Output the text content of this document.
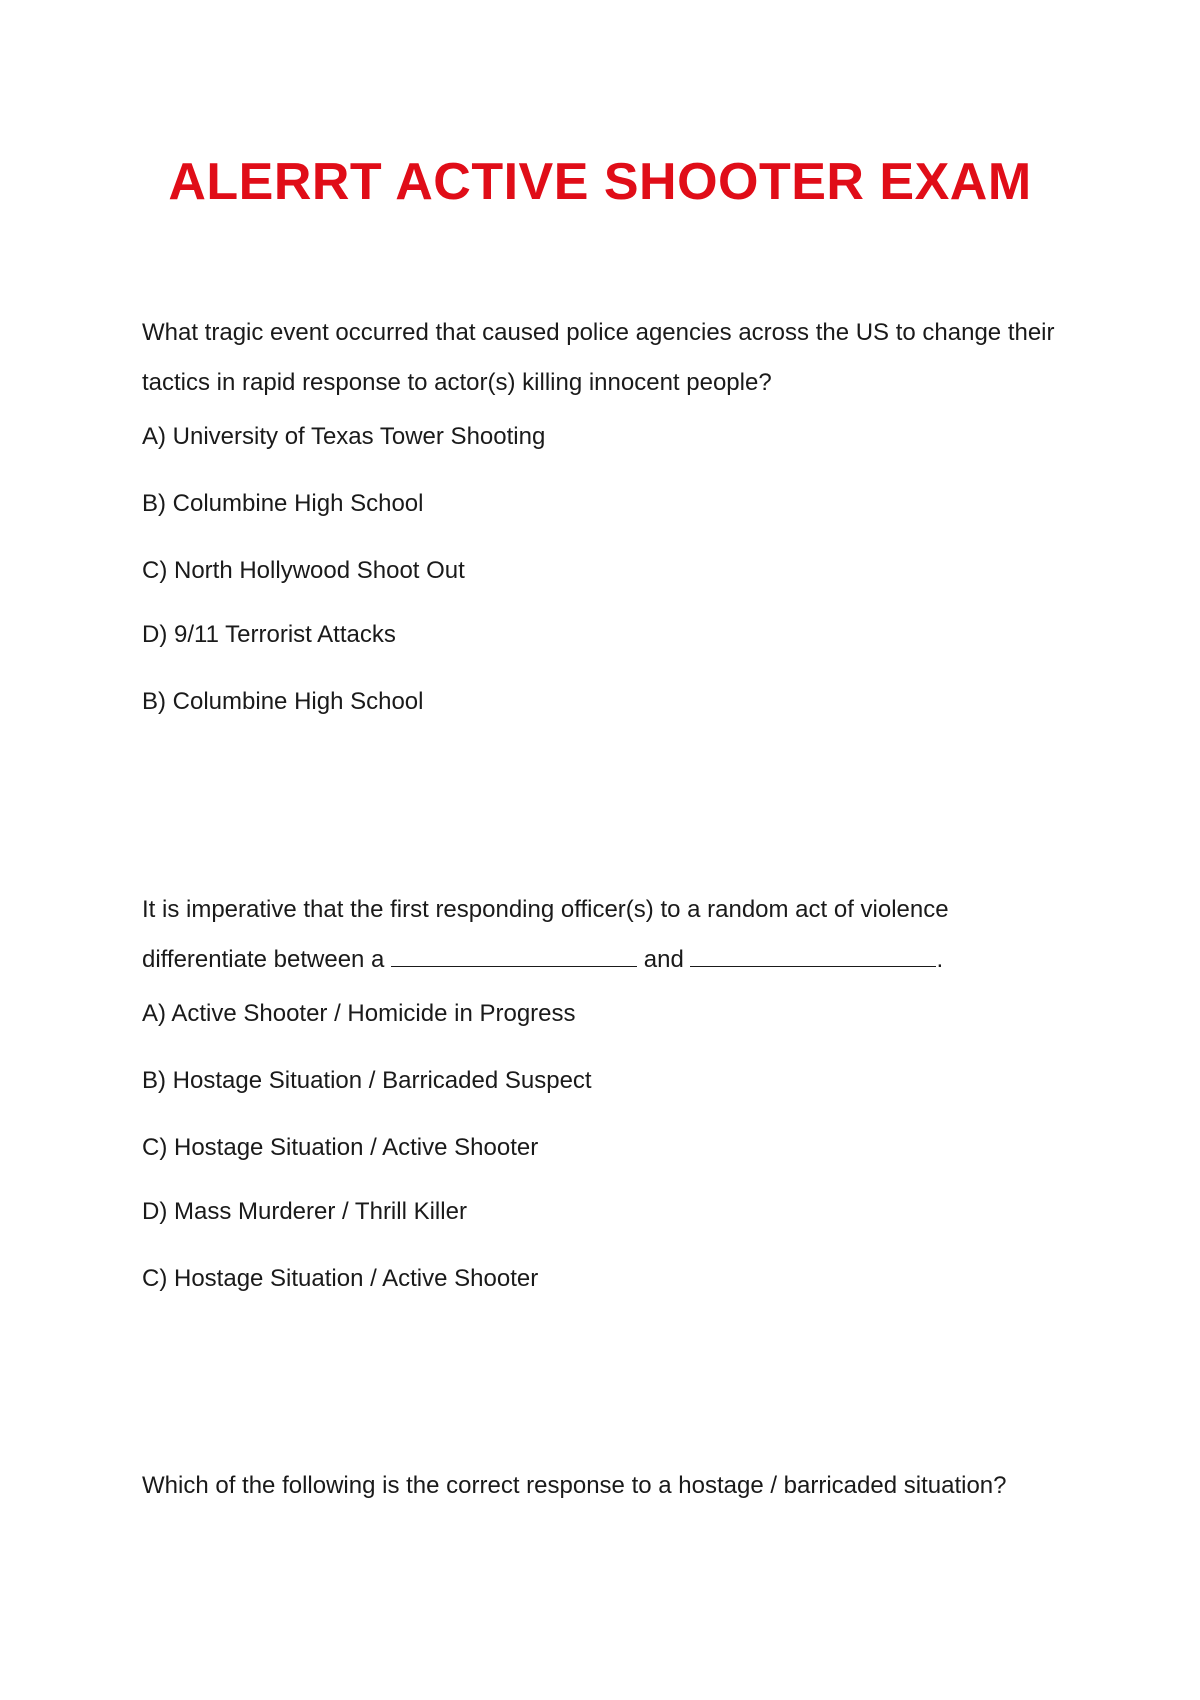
ALERRT ACTIVE SHOOTER EXAM

What tragic event occurred that caused police agencies across the US to change their tactics in rapid response to actor(s) killing innocent people?

A) University of Texas Tower Shooting

B) Columbine High School

C) North Hollywood Shoot Out

D) 9/11 Terrorist Attacks

B) Columbine High School

It is imperative that the first responding officer(s) to a random act of violence differentiate between a	and	.

A) Active Shooter / Homicide in Progress

B) Hostage Situation / Barricaded Suspect

C) Hostage Situation / Active Shooter

D) Mass Murderer / Thrill Killer

C) Hostage Situation / Active Shooter

Which of the following is the correct response to a hostage / barricaded situation?
